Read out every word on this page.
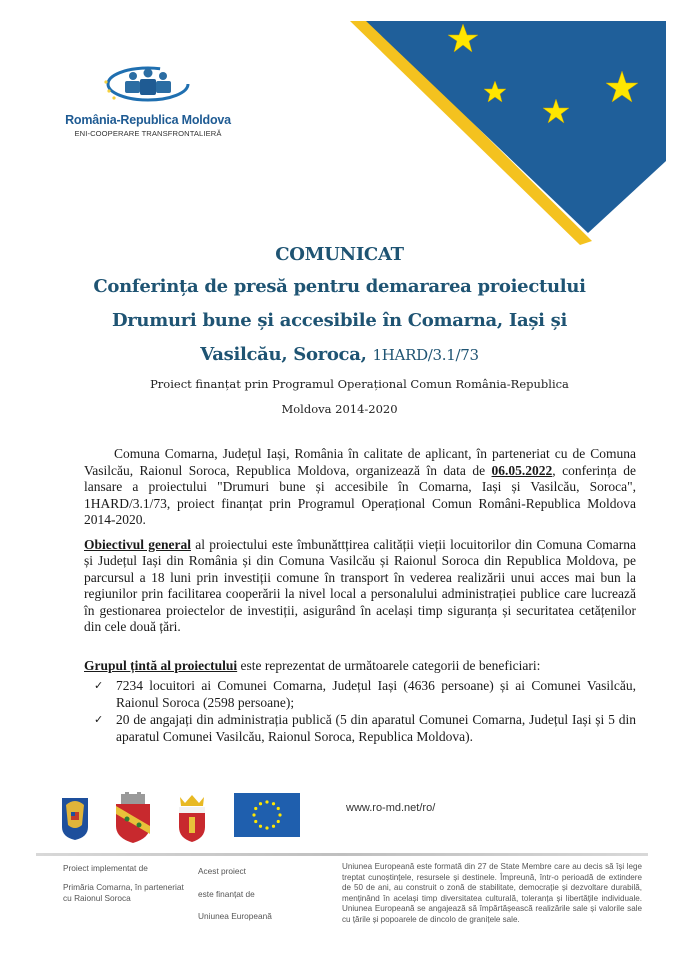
România-Republica Moldova
ENI-COOPERARE TRANSFRONTALIERĂ
COMUNICAT
Conferința de presă pentru demararea proiectului
Drumuri bune și accesibile în Comarna, Iași și
Vasilcău, Soroca, 1HARD/3.1/73
Proiect finanțat prin Programul Operațional Comun România-Republica
Moldova 2014-2020
Comuna Comarna, Județul Iași, România în calitate de aplicant, în parteneriat cu de Comuna Vasilcău, Raionul Soroca, Republica Moldova, organizează în data de 06.05.2022, conferința de lansare a proiectului "Drumuri bune și accesibile în Comarna, Iași și Vasilcău, Soroca", 1HARD/3.1/73, proiect finanțat prin Programul Operațional Comun Români-Republica Moldova 2014-2020.
Obiectivul general al proiectului este îmbunăttțirea calității vieții locuitorilor din Comuna Comarna și Județul Iași din România și din Comuna Vasilcău și Raionul Soroca din Republica Moldova, pe parcursul a 18 luni prin investiții comune în transport în vederea realizării unui acces mai bun la regiunilor prin facilitarea cooperării la nivel local a personalului administrației publice care lucrează în gestionarea proiectelor de investiții, asigurând în același timp siguranța și securitatea cetățenilor din cele două țări.
Grupul țintă al proiectului este reprezentat de următoarele categorii de beneficiari:
✓ 7234 locuitori ai Comunei Comarna, Județul Iași (4636 persoane) și ai Comunei Vasilcău, Raionul Soroca (2598 persoane);
✓ 20 de angajați din administrația publică (5 din aparatul Comunei Comarna, Județul Iași și 5 din aparatul Comunei Vasilcău, Raionul Soroca, Republica Moldova).
www.ro-md.net/ro/
Proiect implementat de
Primăria Comarna, în parteneriat cu Raionul Soroca
Acest proiect
este finanțat de
Uniunea Europeană
Uniunea Europeană este formată din 27 de State Membre care au decis să își lege treptat cunoștințele, resursele și destinele. Împreună, într-o perioadă de extindere de 50 de ani, au construit o zonă de stabilitate, democrație și dezvoltare durabilă, menținând în același timp diversitatea culturală, toleranța și libertățile individuale. Uniunea Europeană se angajează să împărtășească realizările sale și valorile sale cu țările și popoarele de dincolo de granițele sale.
